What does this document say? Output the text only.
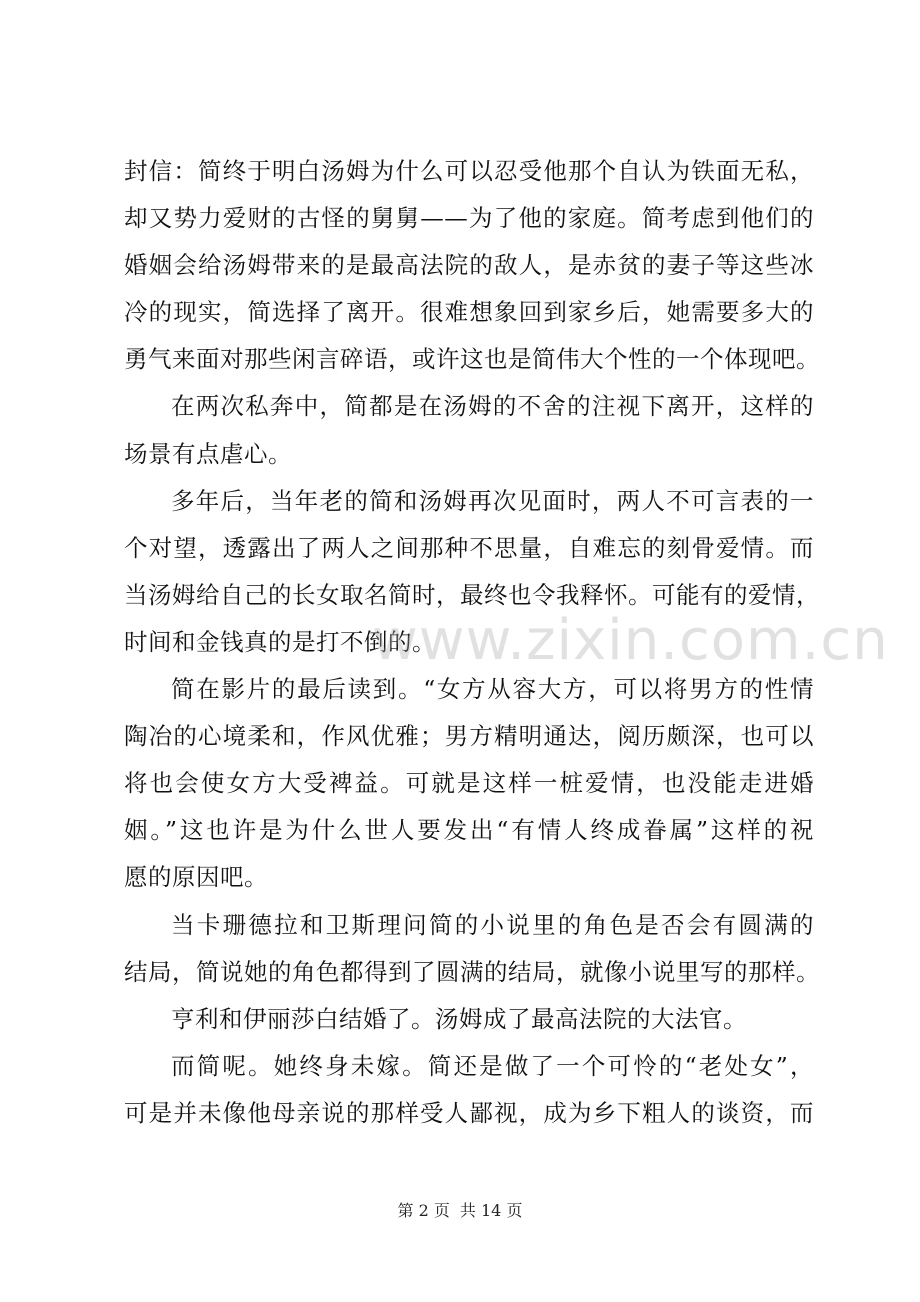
封信：简终于明白汤姆为什么可以忍受他那个自认为铁面无私，
却又势力爱财的古怪的舅舅——为了他的家庭。简考虑到他们的
婚姻会给汤姆带来的是最高法院的敌人，是赤贫的妻子等这些冰
冷的现实，简选择了离开。很难想象回到家乡后，她需要多大的
勇气来面对那些闲言碎语，或许这也是简伟大个性的一个体现吧。
在两次私奔中，简都是在汤姆的不舍的注视下离开，这样的
场景有点虐心。
多年后，当年老的简和汤姆再次见面时，两人不可言表的一
个对望，透露出了两人之间那种不思量，自难忘的刻骨爱情。而
当汤姆给自己的长女取名简时，最终也令我释怀。可能有的爱情，
时间和金钱真的是打不倒的。
简在影片的最后读到。“女方从容大方，可以将男方的性情
陶冶的心境柔和，作风优雅；男方精明通达，阅历颇深，也可以
将也会使女方大受裨益。可就是这样一桩爱情，也没能走进婚
姻。”这也许是为什么世人要发出“有情人终成眷属”这样的祝
愿的原因吧。
当卡珊德拉和卫斯理问简的小说里的角色是否会有圆满的
结局，简说她的角色都得到了圆满的结局，就像小说里写的那样。
亨利和伊丽莎白结婚了。汤姆成了最高法院的大法官。
而简呢。她终身未嫁。简还是做了一个可怜的“老处女”，
可是并未像他母亲说的那样受人鄙视，成为乡下粗人的谈资，而
www.zixin.com.cn
第 2 页 共 14 页
